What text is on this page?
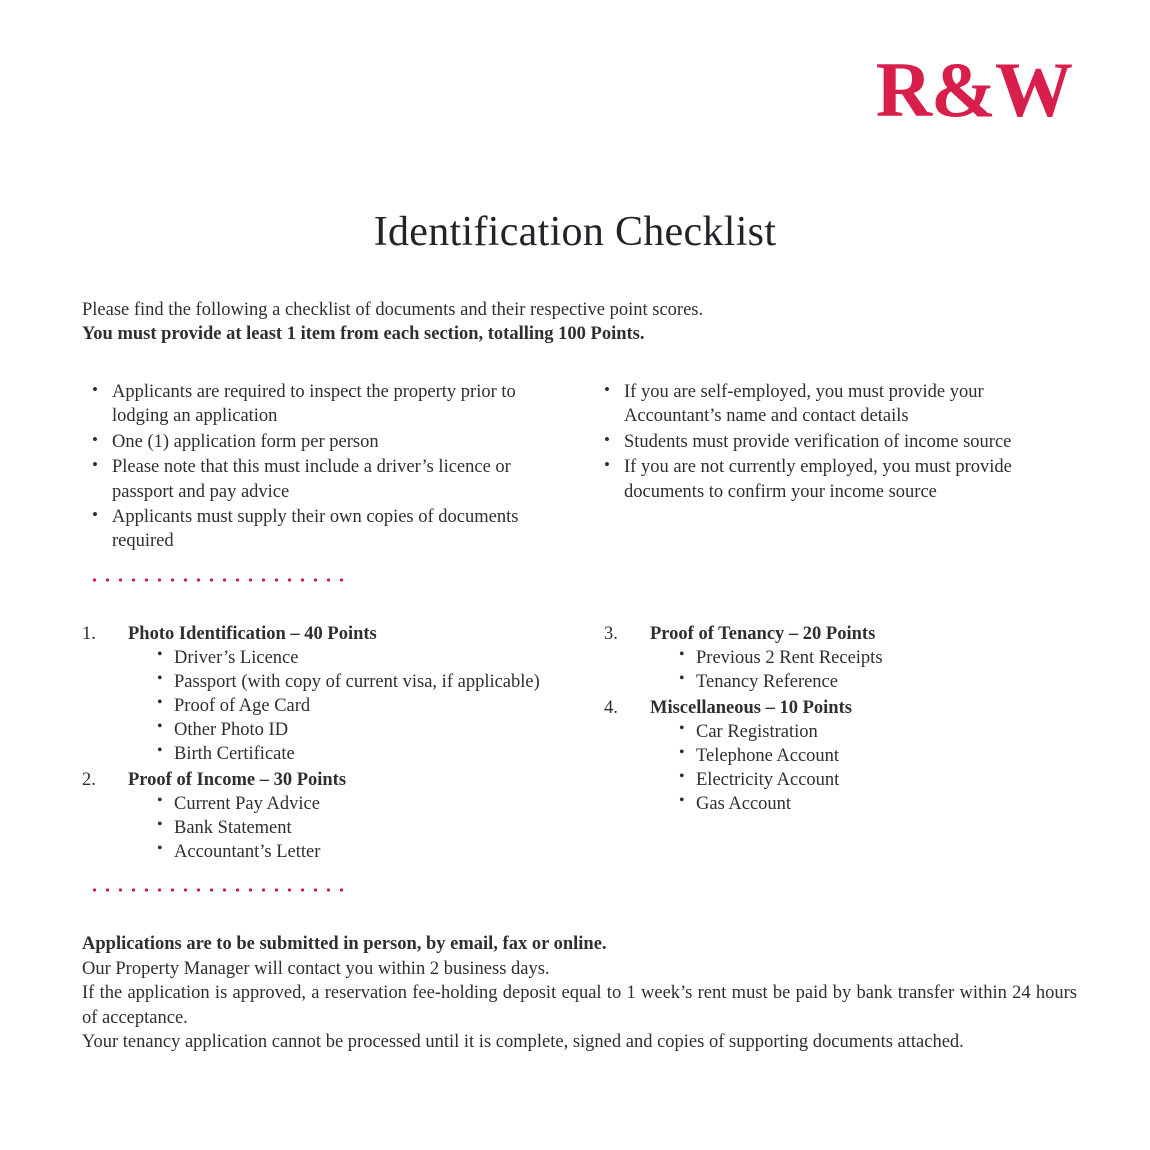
R&W
Identification Checklist
Please find the following a checklist of documents and their respective point scores.
You must provide at least 1 item from each section, totalling 100 Points.
• Applicants are required to inspect the property prior to lodging an application
• One (1) application form per person
• Please note that this must include a driver’s licence or passport and pay advice
• Applicants must supply their own copies of documents required
• If you are self-employed, you must provide your Accountant’s name and contact details
• Students must provide verification of income source
• If you are not currently employed, you must provide documents to confirm your income source
1.	Photo Identification – 40 Points
• Driver’s Licence
• Passport (with copy of current visa, if applicable)
• Proof of Age Card
• Other Photo ID
• Birth Certificate
2.	Proof of Income – 30 Points
• Current Pay Advice
• Bank Statement
• Accountant’s Letter
3.	Proof of Tenancy – 20 Points
• Previous 2 Rent Receipts
• Tenancy Reference
4.	Miscellaneous – 10 Points
• Car Registration
• Telephone Account
• Electricity Account
• Gas Account

Applications are to be submitted in person, by email, fax or online.

Our Property Manager will contact you within 2 business days.

If the application is approved, a reservation fee-holding deposit equal to 1 week’s rent must be paid by bank transfer within 24 hours of acceptance.

Your tenancy application cannot be processed until it is complete, signed and copies of supporting documents attached.
